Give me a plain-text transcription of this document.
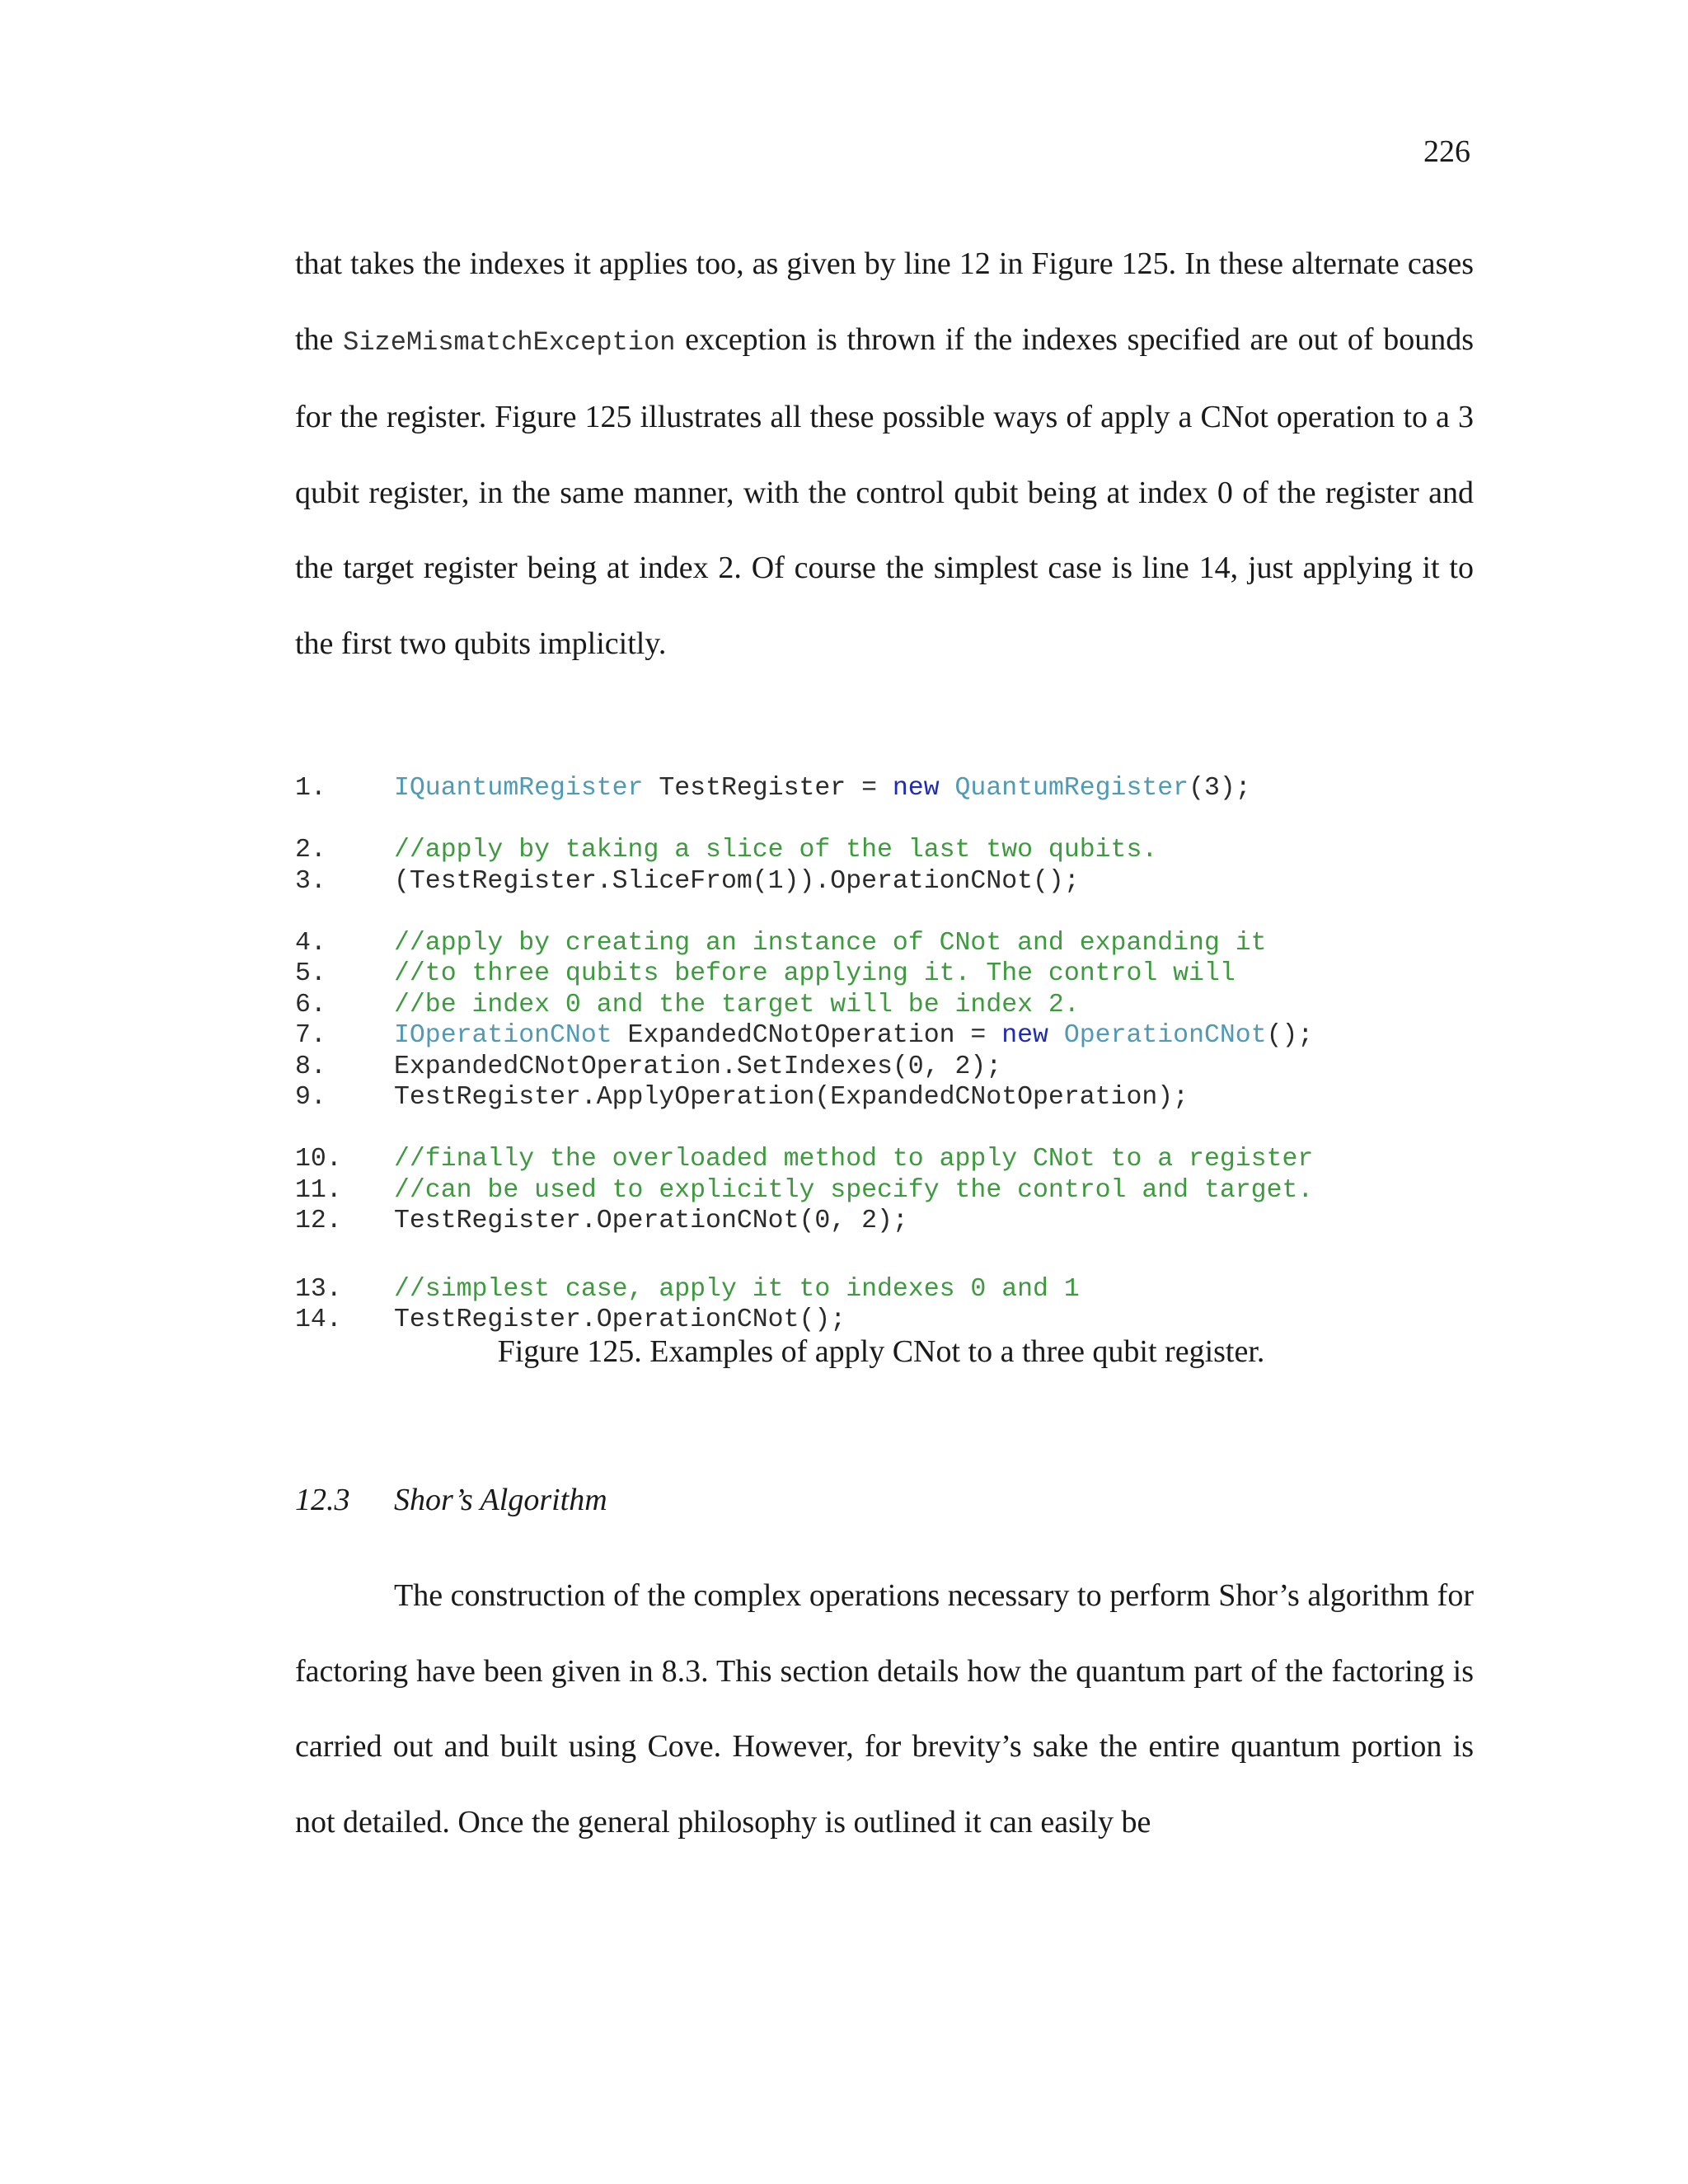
226

that takes the indexes it applies too, as given by line 12 in Figure 125. In these alternate cases the SizeMismatchException exception is thrown if the indexes specified are out of bounds for the register. Figure 125 illustrates all these possible ways of apply a CNot operation to a 3 qubit register, in the same manner, with the control qubit being at index 0 of the register and the target register being at index 2. Of course the simplest case is line 14, just applying it to the first two qubits implicitly.

1.	IQuantumRegister TestRegister = new QuantumRegister(3);
2.	//apply by taking a slice of the last two qubits.
3.	(TestRegister.SliceFrom(1)).OperationCNot();
4.	//apply by creating an instance of CNot and expanding it
5.	//to three qubits before applying it. The control will
6.	//be index 0 and the target will be index 2.
7.	IOperationCNot ExpandedCNotOperation = new OperationCNot();
8.	ExpandedCNotOperation.SetIndexes(0, 2);
9.	TestRegister.ApplyOperation(ExpandedCNotOperation);
10.	//finally the overloaded method to apply CNot to a register
11.	//can be used to explicitly specify the control and target.
12.	TestRegister.OperationCNot(0, 2);
13.	//simplest case, apply it to indexes 0 and 1
14.	TestRegister.OperationCNot();
Figure 125. Examples of apply CNot to a three qubit register.
12.3 Shor’s Algorithm

The construction of the complex operations necessary to perform Shor’s algorithm for factoring have been given in 8.3. This section details how the quantum part of the factoring is carried out and built using Cove. However, for brevity’s sake the entire quantum portion is not detailed. Once the general philosophy is outlined it can easily be
